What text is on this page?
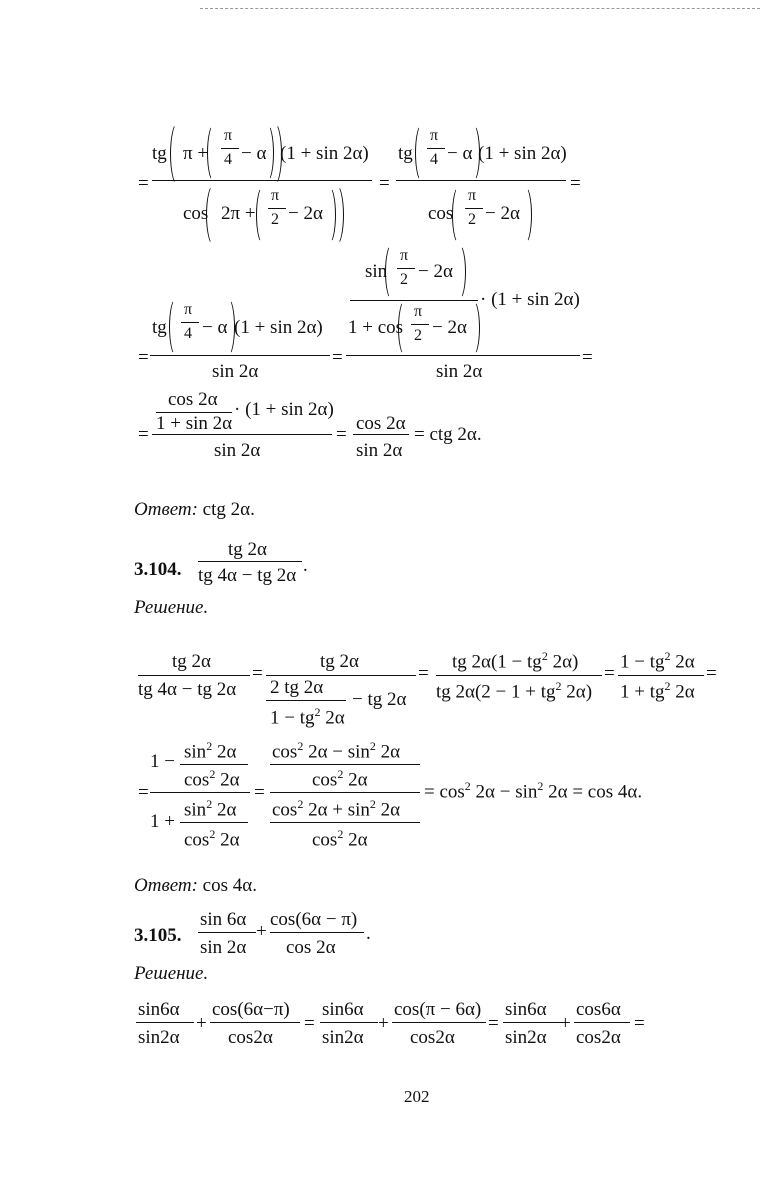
=
tg π +
π
4 − α (1 + sin 2α)
cos 2π +
π
2 − 2α
=
tg
π
4 − α (1 + sin 2α)
cos
π
2 − 2α
=
=
tg
π
4 − α (1 + sin 2α)
sin 2α
=
sin
π
2 − 2α
· (1 + sin 2α)
1 + cos
π
2 − 2α
sin 2α
=
=
cos 2α · (1 + sin 2α)
1 + sin 2α
sin 2α
=
cos 2α
sin 2α
= ctg 2α.
Ответ: ctg 2α.
3.104.
tg 2α
tg 4α − tg 2α .
Решение.
tg 2α
tg 4α − tg 2α
=
tg 2α
2 tg 2α
$1 - tg^2$ 2α
− tg 2α
=
tg $2\alpha(1 - tg^2$ 2α)
tg $2\alpha(2 - 1 + tg^2$ 2α)
=
$1 - tg^2$ 2α
$1 + tg^2$ 2α
=
=
$1 - \sin^2 2\alpha$
$\cos^2 2\alpha$
1 +
$\sin^2 2\alpha$
$\cos^2 2\alpha$
=
$\cos^2 2\alpha - \sin^2 2\alpha$
$\cos^2 2\alpha$
$\cos^2 2\alpha + \sin^2 2\alpha$
$\cos^2 2\alpha$
= $\cos^2 2\alpha - \sin^2 2\alpha = \cos 4\alpha$.
Ответ: cos 4α.
3.105.
sin 6α
sin 2α
+
cos(6α − π)
cos 2α
.
Решение.
sin6α
sin2α
+
cos(6α−π)
cos2α
=
sin6α
sin2α
+
cos(π − 6α)
cos2α
=
sin6α
sin2α
+
cos6α
cos2α
=
202
